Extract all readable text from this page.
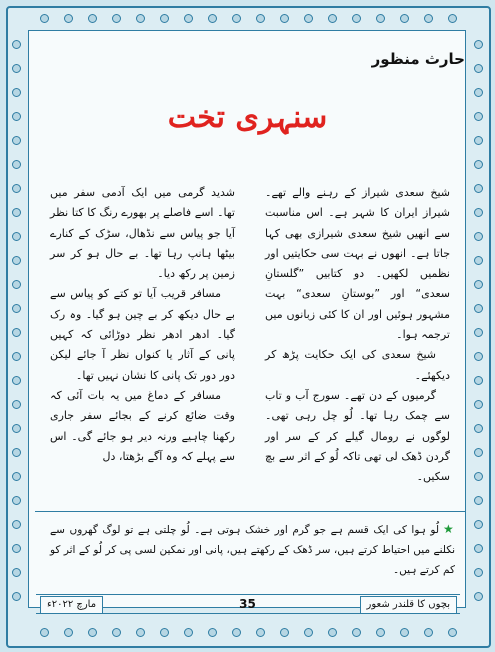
حارث منظور
سنہری تخت

شیخ سعدی شیراز کے رہنے والے تھے۔ شیراز ایران کا شہر ہے۔ اس مناسبت سے انھیں شیخ سعدی شیرازی بھی کہا جاتا ہے۔ انھوں نے بہت سی حکایتیں اور نظمیں لکھیں۔ دو کتابیں ”گلستانِ سعدی“ اور ”بوستانِ سعدی“ بہت مشہور ہوئیں اور ان کا کئی زبانوں میں ترجمہ ہوا۔

شیخ سعدی کی ایک حکایت پڑھ کر دیکھئے۔

گرمیوں کے دن تھے۔ سورج آب و تاب سے چمک رہا تھا۔ لُو چل رہی تھی۔ لوگوں نے رومال گیلے کر کے سر اور گردن ڈھک لی تھی تاکہ لُو کے اثر سے بچ سکیں۔

شدید گرمی میں ایک آدمی سفر میں تھا۔ اسے فاصلے پر بھورے رنگ کا کتا نظر آیا جو پیاس سے نڈھال، سڑک کے کنارے بیٹھا ہانپ رہا تھا۔ بے حال ہو کر سر زمین پر رکھ دیا۔

مسافر قریب آیا تو کتے کو پیاس سے بے حال دیکھ کر بے چین ہو گیا۔ وہ رک گیا۔ ادھر ادھر نظر دوڑائی کہ کہیں پانی کے آثار یا کنواں نظر آ جائے لیکن دور دور تک پانی کا نشان نہیں تھا۔

مسافر کے دماغ میں یہ بات آئی کہ وقت ضائع کرنے کے بجائے سفر جاری رکھنا چاہیے ورنہ دیر ہو جائے گی۔ اس سے پہلے کہ وہ آگے بڑھتا، دل

★لُو ہوا کی ایک قسم ہے جو گرم اور خشک ہوتی ہے۔ لُو چلتی ہے تو لوگ گھروں سے نکلنے میں احتیاط کرتے ہیں، سر ڈھک کے رکھتے ہیں، پانی اور نمکین لسی پی کر لُو کے اثر کو کم کرتے ہیں۔
بچوں کا قلندر شعور
35
مارچ ۲۰۲۲ء
